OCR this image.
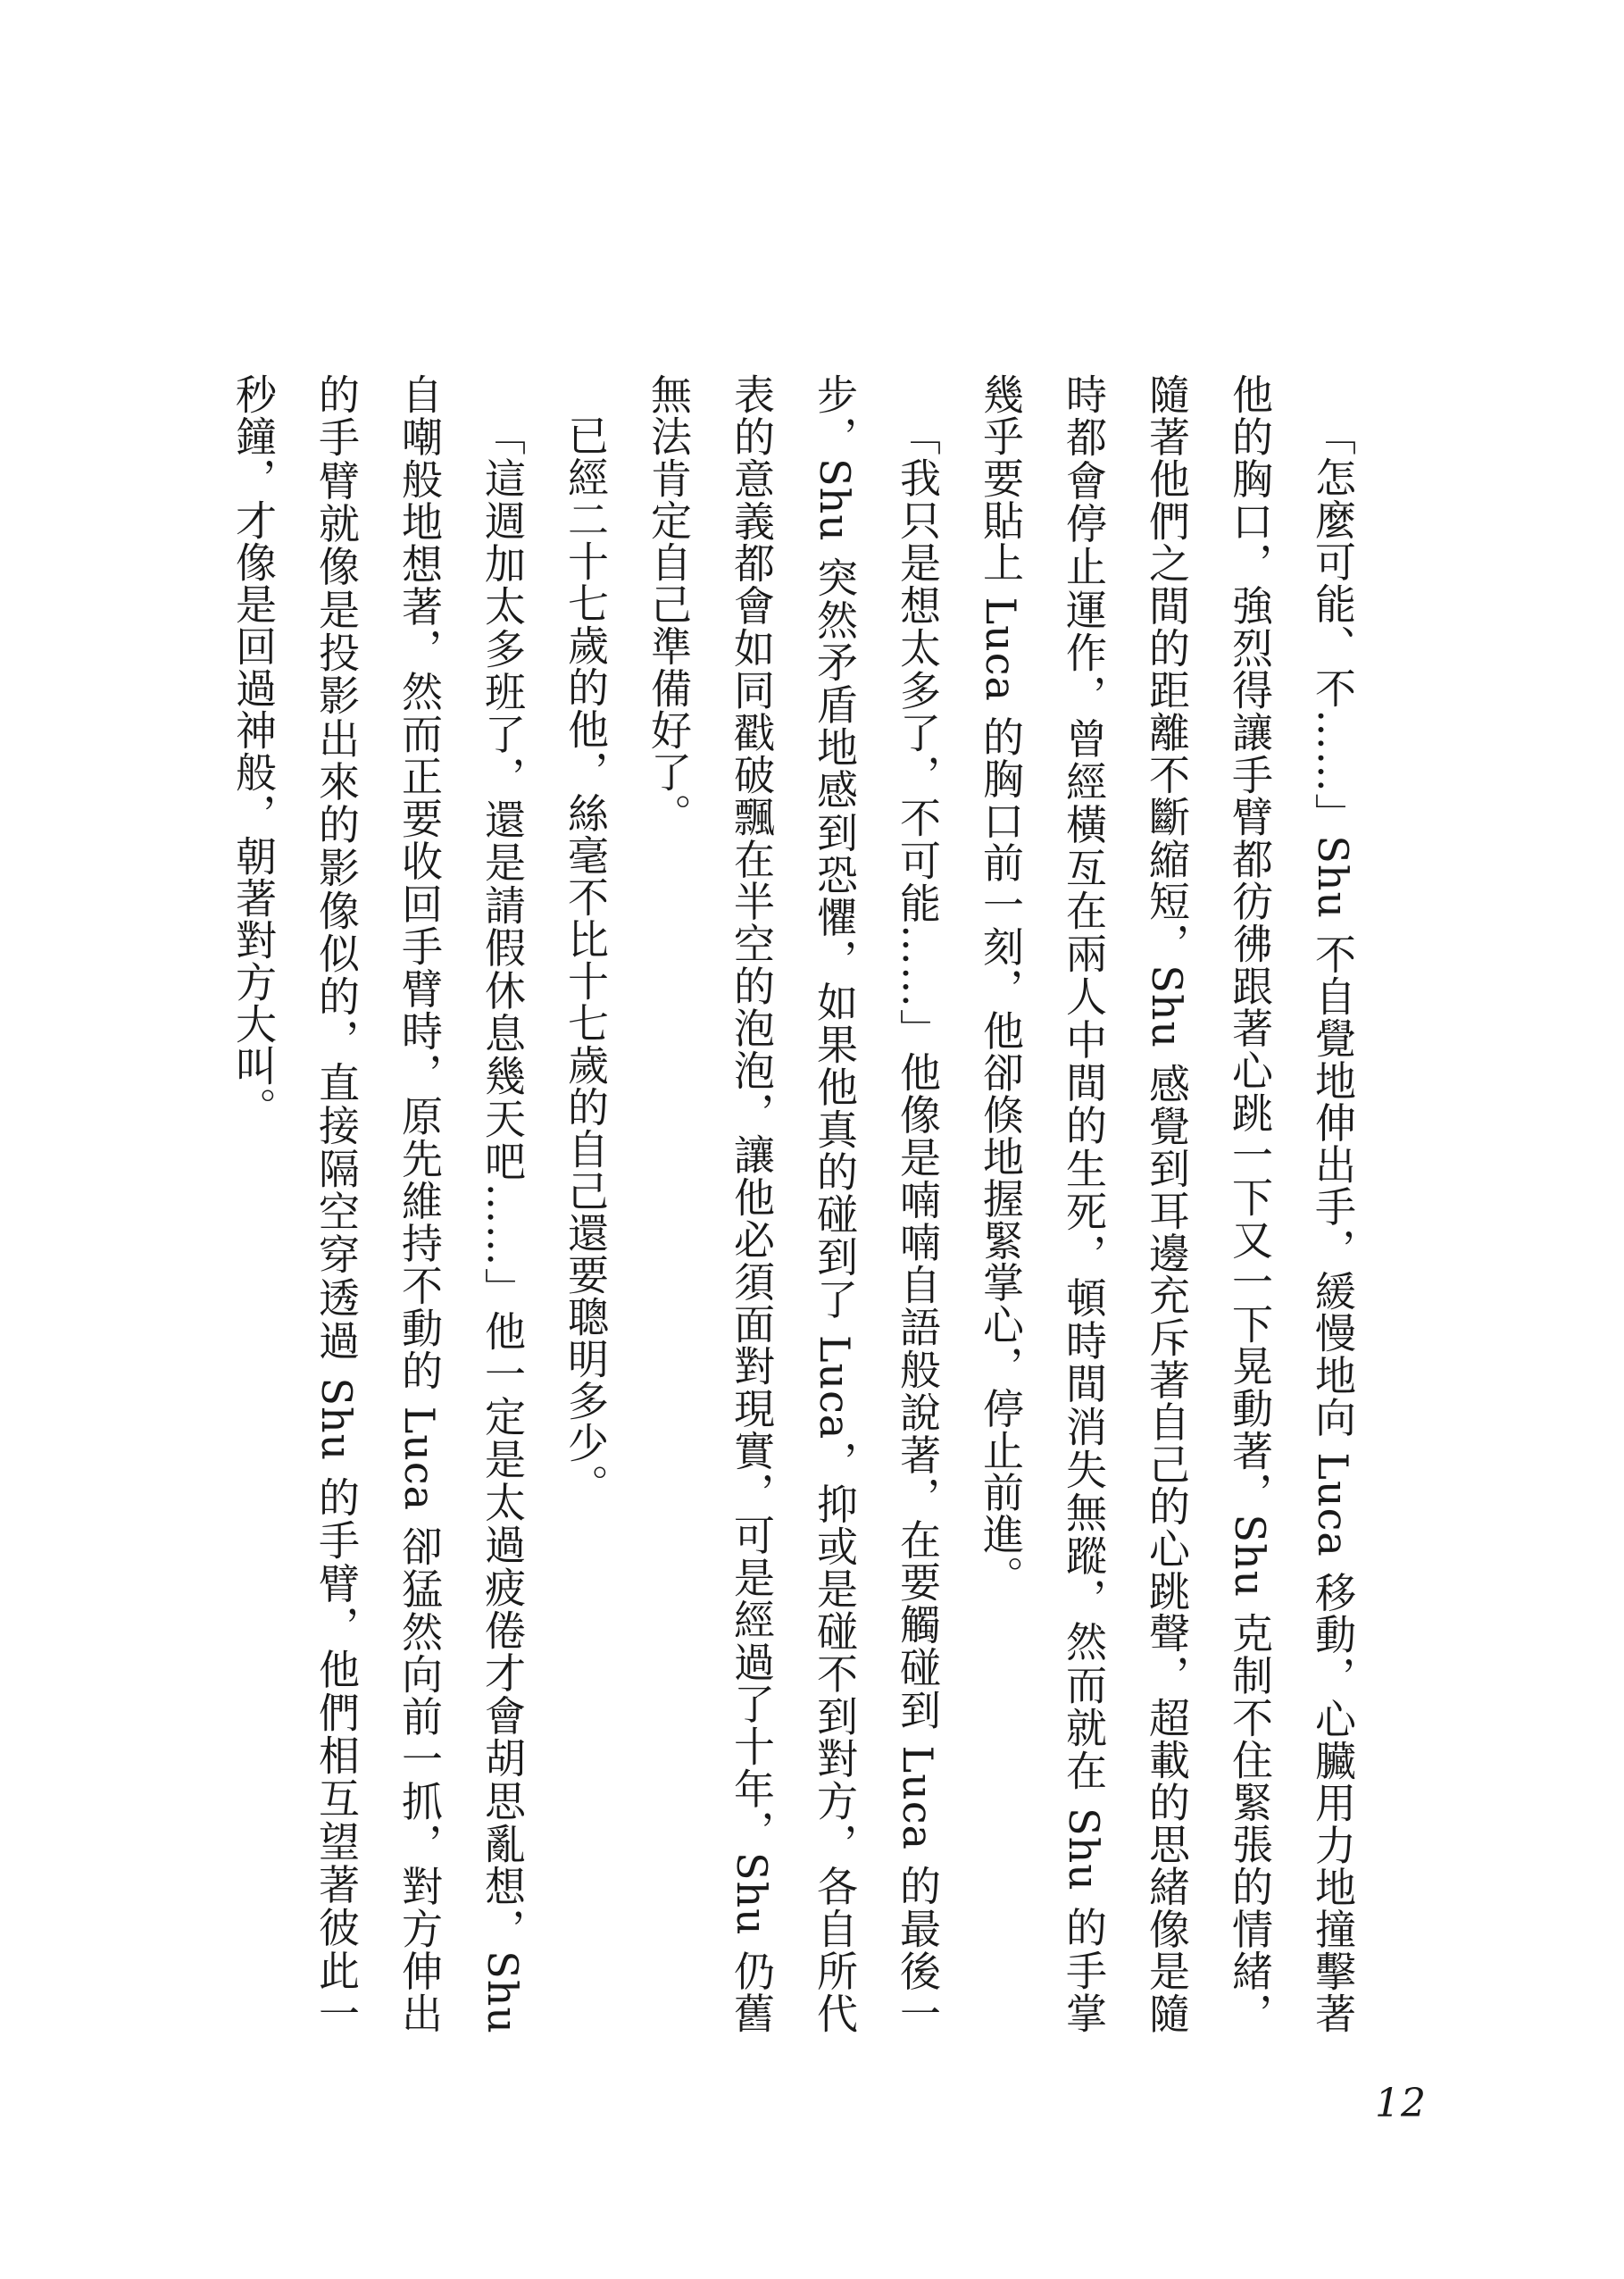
「怎麼可能、不……」Shu 不自覺地伸出手，緩慢地向 Luca 移動，心臟用力地撞擊著他的胸口，強烈得讓手臂都彷彿跟著心跳一下又一下晃動著，Shu 克制不住緊張的情緒，隨著他們之間的距離不斷縮短，Shu 感覺到耳邊充斥著自己的心跳聲，超載的思緒像是隨時都會停止運作，曾經橫亙在兩人中間的生死，頓時間消失無蹤，然而就在 Shu 的手掌幾乎要貼上 Luca 的胸口前一刻，他卻倏地握緊掌心，停止前進。

「我只是想太多了，不可能……」他像是喃喃自語般說著，在要觸碰到 Luca 的最後一步，Shu 突然矛盾地感到恐懼，如果他真的碰到了 Luca，抑或是碰不到對方，各自所代表的意義都會如同戳破飄在半空的泡泡，讓他必須面對現實，可是經過了十年，Shu 仍舊無法肯定自己準備好了。

已經二十七歲的他，絲毫不比十七歲的自己還要聰明多少。

「這週加太多班了，還是請假休息幾天吧……」他一定是太過疲倦才會胡思亂想，Shu 自嘲般地想著，然而正要收回手臂時，原先維持不動的 Luca 卻猛然向前一抓，對方伸出的手臂就像是投影出來的影像似的，直接隔空穿透過 Shu 的手臂，他們相互望著彼此一秒鐘，才像是回過神般，朝著對方大叫。

12
